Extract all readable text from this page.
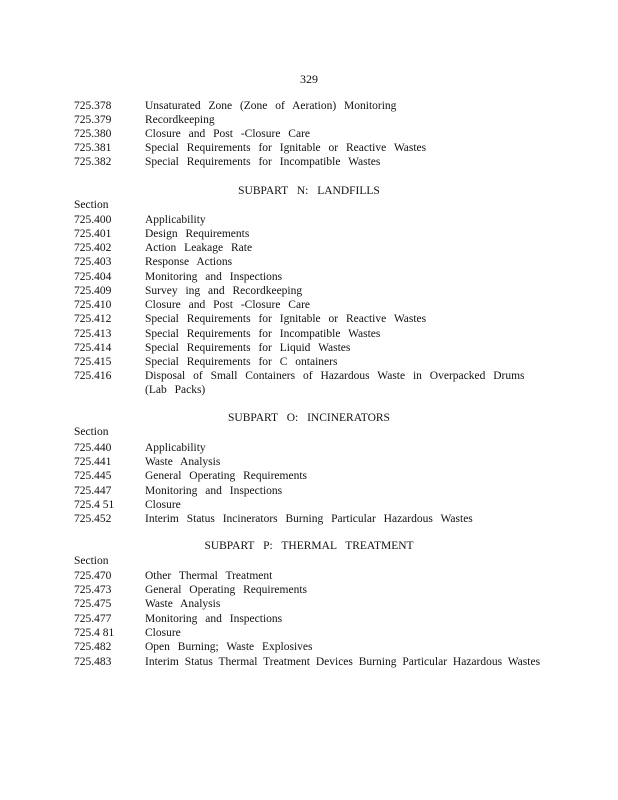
329
725.378	Unsaturated Zone (Zone of Aeration) Monitoring
725.379	Recordkeeping
725.380	Closure and Post -Closure Care
725.381	Special Requirements for Ignitable or Reactive Wastes
725.382	Special Requirements for Incompatible Wastes
SUBPART N: LANDFILLS
Section
725.400	Applicability
725.401	Design Requirements
725.402	Action Leakage Rate
725.403	Response Actions
725.404	Monitoring and Inspections
725.409	Survey ing and Recordkeeping
725.410	Closure and Post -Closure Care
725.412	Special Requirements for Ignitable or Reactive Wastes
725.413	Special Requirements for Incompatible Wastes
725.414	Special Requirements for Liquid Wastes
725.415	Special Requirements for C ontainers
725.416	Disposal of Small Containers of Hazardous Waste in Overpacked Drums (Lab Packs)
SUBPART O: INCINERATORS
Section
725.440	Applicability
725.441	Waste Analysis
725.445	General Operating Requirements
725.447	Monitoring and Inspections
725.4 51	Closure
725.452	Interim Status Incinerators Burning Particular Hazardous Wastes
SUBPART P: THERMAL TREATMENT
Section
725.470	Other Thermal Treatment
725.473	General Operating Requirements
725.475	Waste Analysis
725.477	Monitoring and Inspections
725.4 81	Closure
725.482	Open Burning; Waste Explosives
725.483	Interim Status Thermal Treatment Devices Burning Particular Hazardous Wastes
